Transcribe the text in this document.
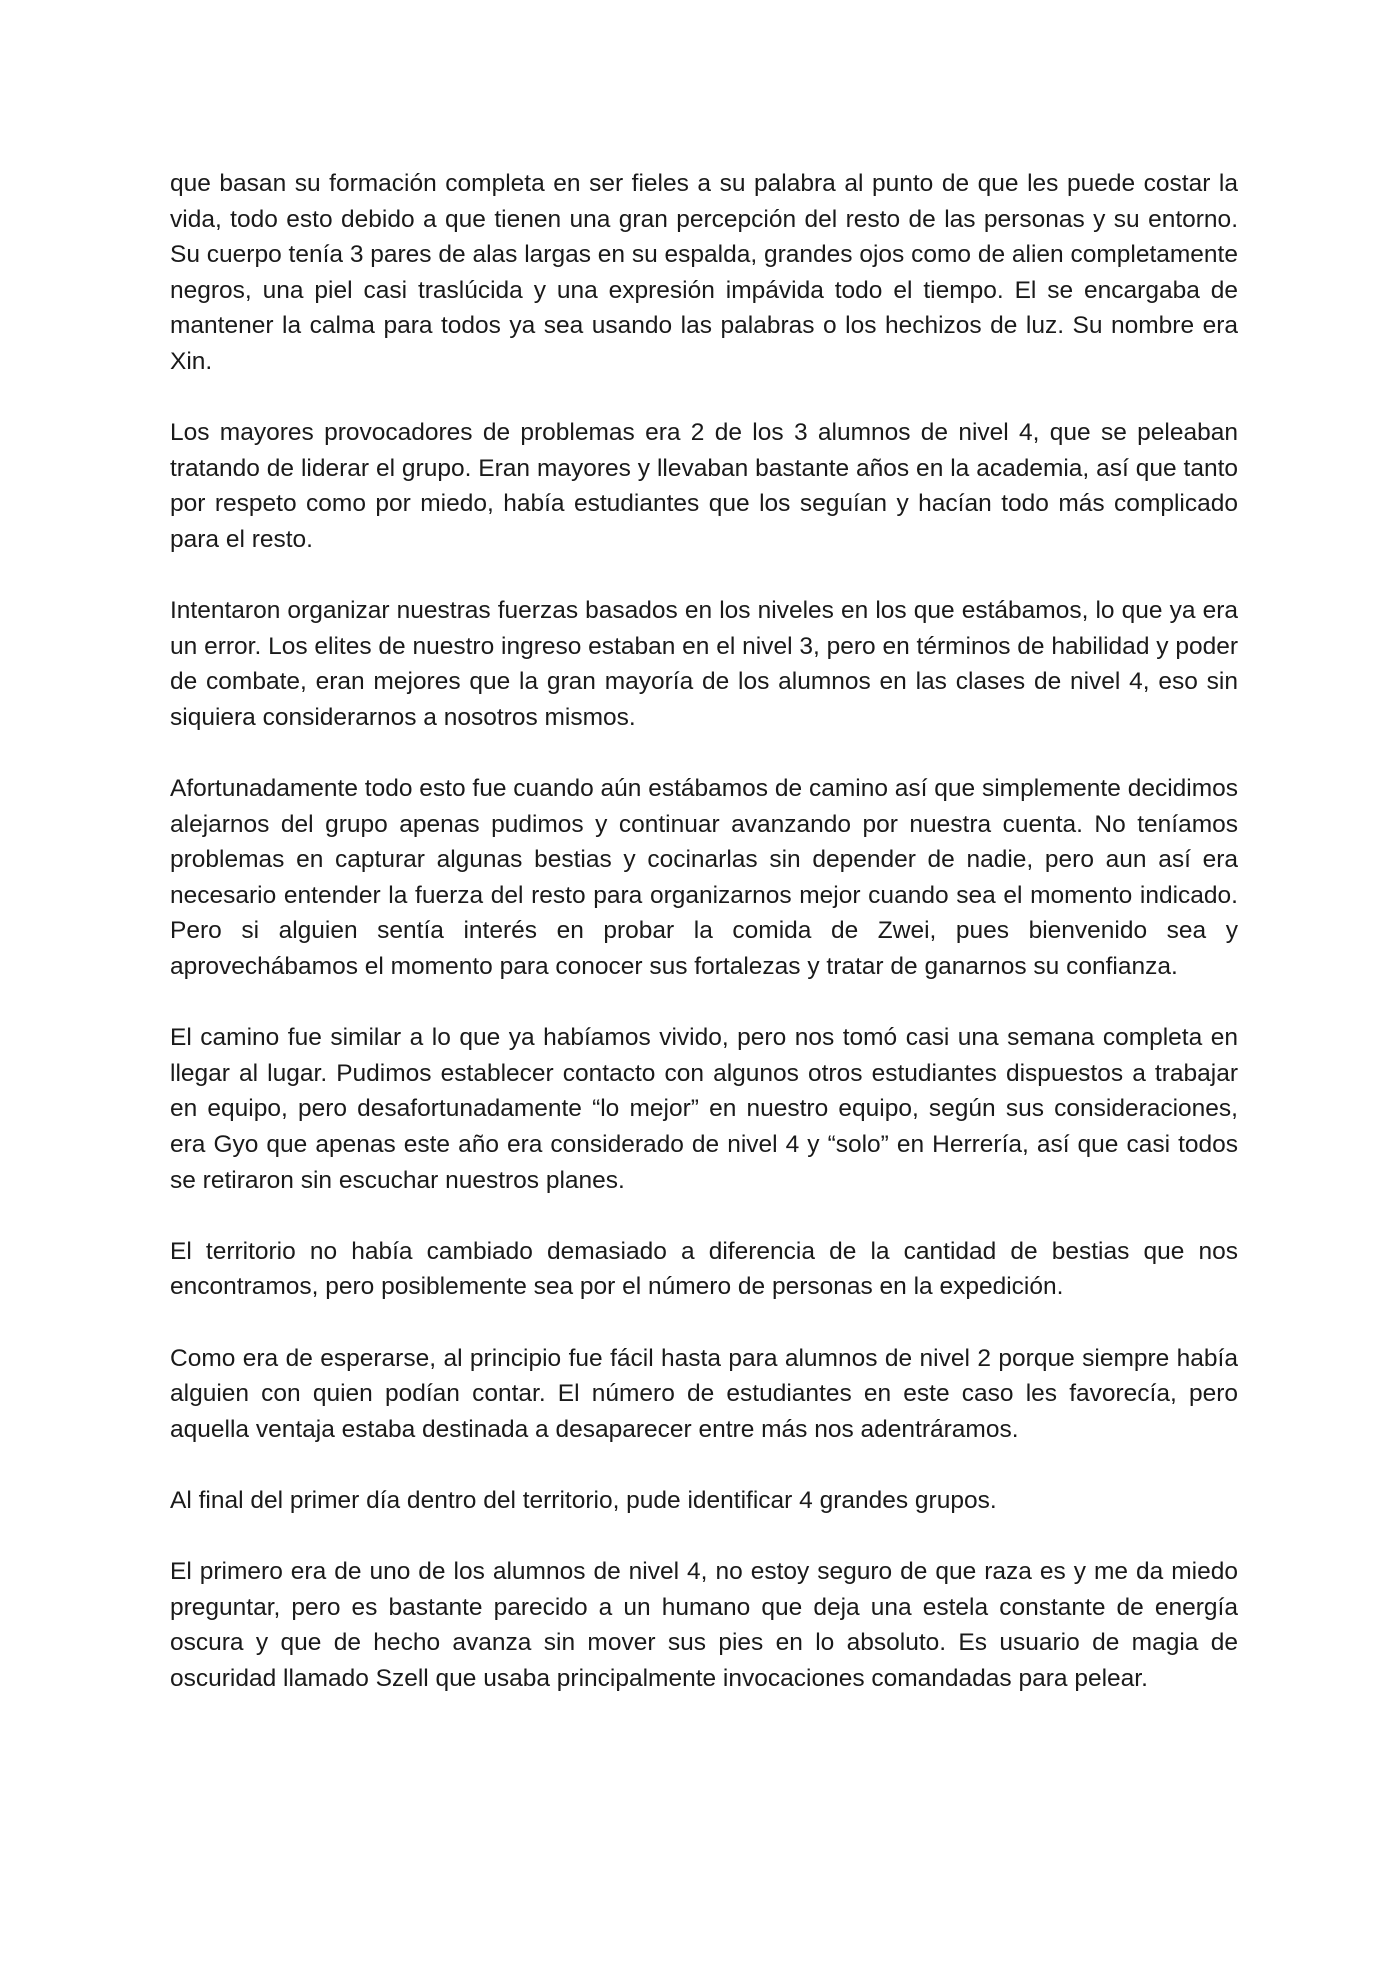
que basan su formación completa en ser fieles a su palabra al punto de que les puede costar la vida, todo esto debido a que tienen una gran percepción del resto de las personas y su entorno. Su cuerpo tenía 3 pares de alas largas en su espalda, grandes ojos como de alien completamente negros, una piel casi traslúcida y una expresión impávida todo el tiempo. El se encargaba de mantener la calma para todos ya sea usando las palabras o los hechizos de luz. Su nombre era Xin.

Los mayores provocadores de problemas era 2 de los 3 alumnos de nivel 4, que se peleaban tratando de liderar el grupo. Eran mayores y llevaban bastante años en la academia, así que tanto por respeto como por miedo, había estudiantes que los seguían y hacían todo más complicado para el resto.

Intentaron organizar nuestras fuerzas basados en los niveles en los que estábamos, lo que ya era un error. Los elites de nuestro ingreso estaban en el nivel 3, pero en términos de habilidad y poder de combate, eran mejores que la gran mayoría de los alumnos en las clases de nivel 4, eso sin siquiera considerarnos a nosotros mismos.

Afortunadamente todo esto fue cuando aún estábamos de camino así que simplemente decidimos alejarnos del grupo apenas pudimos y continuar avanzando por nuestra cuenta. No teníamos problemas en capturar algunas bestias y cocinarlas sin depender de nadie, pero aun así era necesario entender la fuerza del resto para organizarnos mejor cuando sea el momento indicado. Pero si alguien sentía interés en probar la comida de Zwei, pues bienvenido sea y aprovechábamos el momento para conocer sus fortalezas y tratar de ganarnos su confianza.

El camino fue similar a lo que ya habíamos vivido, pero nos tomó casi una semana completa en llegar al lugar. Pudimos establecer contacto con algunos otros estudiantes dispuestos a trabajar en equipo, pero desafortunadamente “lo mejor” en nuestro equipo, según sus consideraciones, era Gyo que apenas este año era considerado de nivel 4 y “solo” en Herrería, así que casi todos se retiraron sin escuchar nuestros planes.

El territorio no había cambiado demasiado a diferencia de la cantidad de bestias que nos encontramos, pero posiblemente sea por el número de personas en la expedición.

Como era de esperarse, al principio fue fácil hasta para alumnos de nivel 2 porque siempre había alguien con quien podían contar. El número de estudiantes en este caso les favorecía, pero aquella ventaja estaba destinada a desaparecer entre más nos adentráramos.

Al final del primer día dentro del territorio, pude identificar 4 grandes grupos.

El primero era de uno de los alumnos de nivel 4, no estoy seguro de que raza es y me da miedo preguntar, pero es bastante parecido a un humano que deja una estela constante de energía oscura y que de hecho avanza sin mover sus pies en lo absoluto. Es usuario de magia de oscuridad llamado Szell que usaba principalmente invocaciones comandadas para pelear.
